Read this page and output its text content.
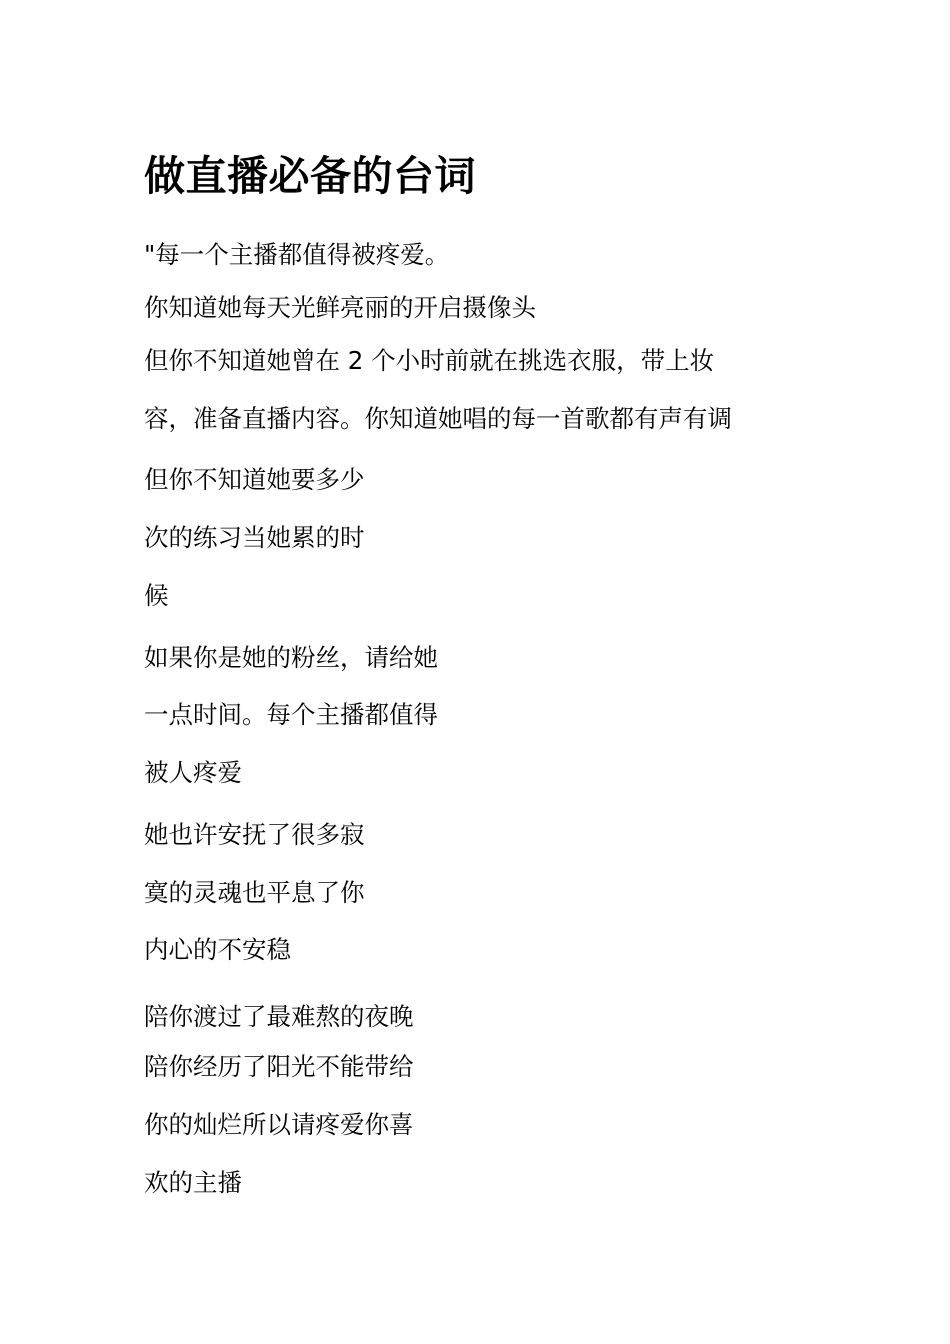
做直播必备的台词
"每一个主播都值得被疼爱。
你知道她每天光鲜亮丽的开启摄像头
但你不知道她曾在 2 个小时前就在挑选衣服，带上妆
容，准备直播内容。你知道她唱的每一首歌都有声有调
但你不知道她要多少
次的练习当她累的时
候
如果你是她的粉丝，请给她
一点时间。每个主播都值得
被人疼爱
她也许安抚了很多寂
寞的灵魂也平息了你
内心的不安稳
陪你渡过了最难熬的夜晚
陪你经历了阳光不能带给
你的灿烂所以请疼爱你喜
欢的主播
